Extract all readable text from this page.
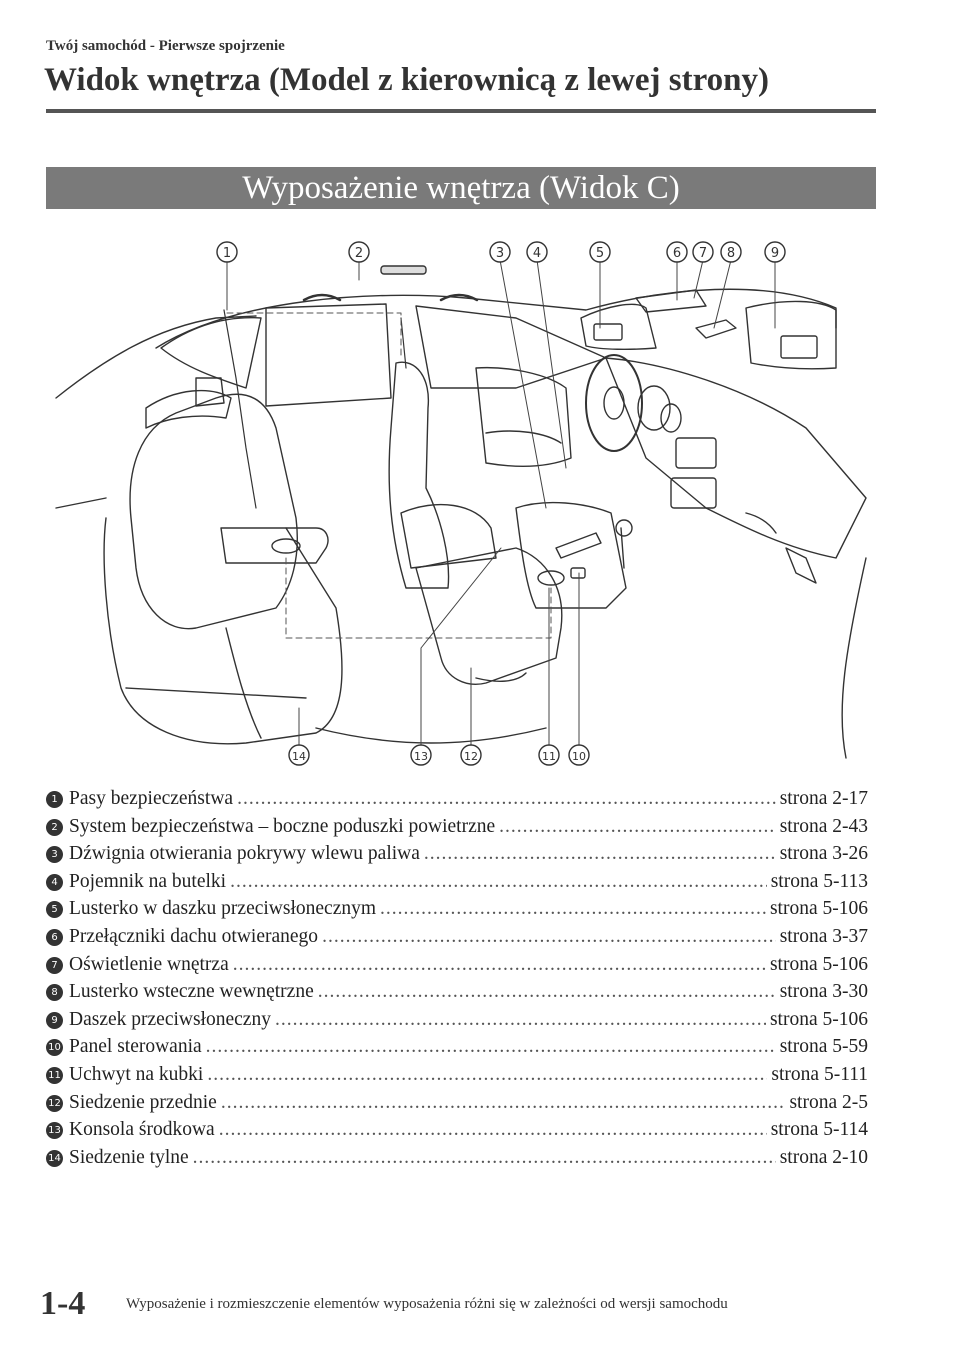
Twój samochód - Pierwsze spojrzenie
Widok wnętrza (Model z kierownicą z lewej strony)
Wyposażenie wnętrza (Widok C)
1	2	3 4	5	6 7 8	9
14	13	12	11 10
1 Pasy bezpieczeństwa .....	strona 2-17
2 System bezpieczeństwa – boczne poduszki powietrzne .....	strona 2-43
3 Dźwignia otwierania pokrywy wlewu paliwa .....	strona 3-26
4 Pojemnik na butelki .....	strona 5-113
5 Lusterko w daszku przeciwsłonecznym .....	strona 5-106
6 Przełączniki dachu otwieranego .....	strona 3-37
7 Oświetlenie wnętrza .....	strona 5-106
8 Lusterko wsteczne wewnętrzne .....	strona 3-30
9 Daszek przeciwsłoneczny .....	strona 5-106
10 Panel sterowania .....	strona 5-59
11 Uchwyt na kubki .....	strona 5-111
12 Siedzenie przednie .....	strona 2-5
13 Konsola środkowa .....	strona 5-114
14 Siedzenie tylne .....	strona 2-10
1-4	Wyposażenie i rozmieszczenie elementów wyposażenia różni się w zależności od wersji samochodu
